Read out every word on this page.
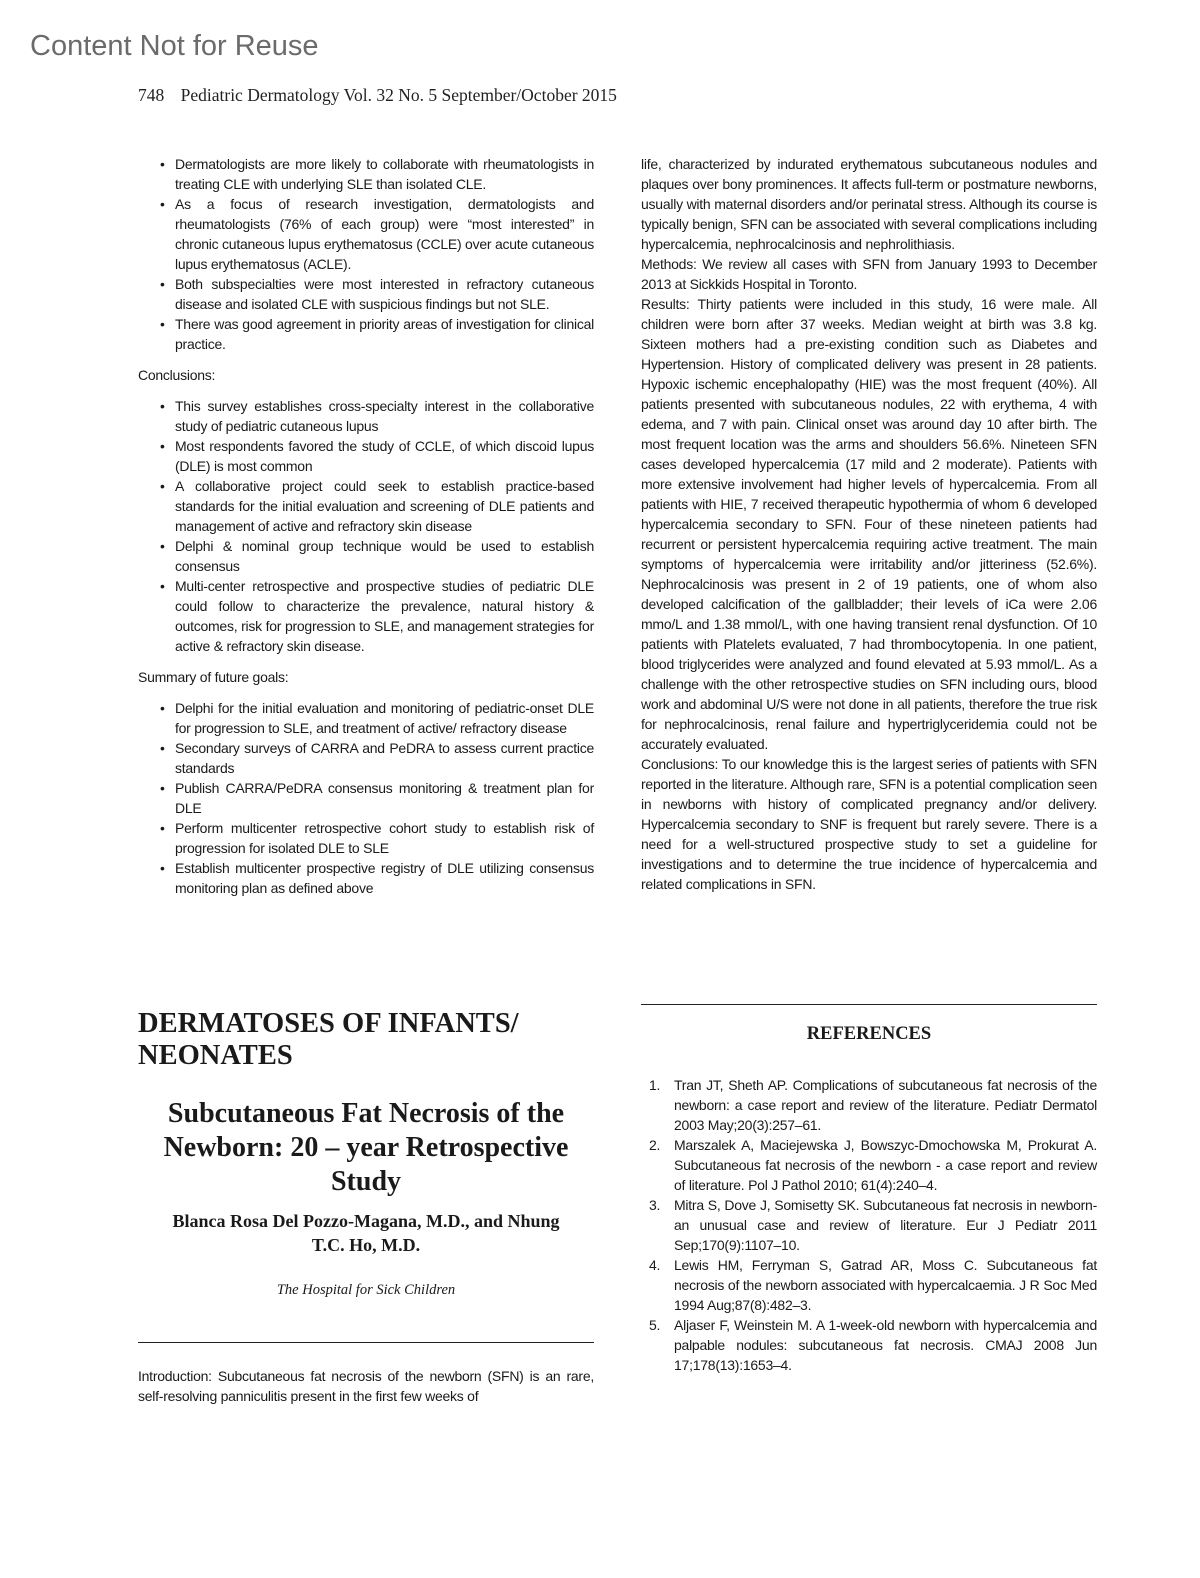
Content Not for Reuse
748 Pediatric Dermatology Vol. 32 No. 5 September/October 2015
• Dermatologists are more likely to collaborate with rheumatologists in treating CLE with underlying SLE than isolated CLE.
• As a focus of research investigation, dermatologists and rheumatologists (76% of each group) were “most interested” in chronic cutaneous lupus erythematosus (CCLE) over acute cutaneous lupus erythematosus (ACLE).
• Both subspecialties were most interested in refractory cutaneous disease and isolated CLE with suspicious findings but not SLE.
• There was good agreement in priority areas of investigation for clinical practice.

Conclusions:

• This survey establishes cross-specialty interest in the collaborative study of pediatric cutaneous lupus
• Most respondents favored the study of CCLE, of which discoid lupus (DLE) is most common
• A collaborative project could seek to establish practice-based standards for the initial evaluation and screening of DLE patients and management of active and refractory skin disease
• Delphi & nominal group technique would be used to establish consensus
• Multi-center retrospective and prospective studies of pediatric DLE could follow to characterize the prevalence, natural history & outcomes, risk for progression to SLE, and management strategies for active & refractory skin disease.

Summary of future goals:

• Delphi for the initial evaluation and monitoring of pediatric-onset DLE for progression to SLE, and treatment of active/ refractory disease
• Secondary surveys of CARRA and PeDRA to assess current practice standards
• Publish CARRA/PeDRA consensus monitoring & treatment plan for DLE
• Perform multicenter retrospective cohort study to establish risk of progression for isolated DLE to SLE
• Establish multicenter prospective registry of DLE utilizing consensus monitoring plan as defined above
DERMATOSES OF INFANTS/ NEONATES
Subcutaneous Fat Necrosis of the Newborn: 20 – year Retrospective Study
Blanca Rosa Del Pozzo-Magana, M.D., and Nhung T.C. Ho, M.D.
The Hospital for Sick Children

Introduction: Subcutaneous fat necrosis of the newborn (SFN) is an rare, self-resolving panniculitis present in the first few weeks of

life, characterized by indurated erythematous subcutaneous nodules and plaques over bony prominences. It affects full-term or postmature newborns, usually with maternal disorders and/or perinatal stress. Although its course is typically benign, SFN can be associated with several complications including hypercalcemia, nephrocalcinosis and nephrolithiasis.

Methods: We review all cases with SFN from January 1993 to December 2013 at Sickkids Hospital in Toronto.

Results: Thirty patients were included in this study, 16 were male. All children were born after 37 weeks. Median weight at birth was 3.8 kg. Sixteen mothers had a pre-existing condition such as Diabetes and Hypertension. History of complicated delivery was present in 28 patients. Hypoxic ischemic encephalopathy (HIE) was the most frequent (40%). All patients presented with subcutaneous nodules, 22 with erythema, 4 with edema, and 7 with pain. Clinical onset was around day 10 after birth. The most frequent location was the arms and shoulders 56.6%. Nineteen SFN cases developed hypercalcemia (17 mild and 2 moderate). Patients with more extensive involvement had higher levels of hypercalcemia. From all patients with HIE, 7 received therapeutic hypothermia of whom 6 developed hypercalcemia secondary to SFN. Four of these nineteen patients had recurrent or persistent hypercalcemia requiring active treatment. The main symptoms of hypercalcemia were irritability and/or jitteriness (52.6%). Nephrocalcinosis was present in 2 of 19 patients, one of whom also developed calcification of the gallbladder; their levels of iCa were 2.06 mmo/L and 1.38 mmol/L, with one having transient renal dysfunction. Of 10 patients with Platelets evaluated, 7 had thrombocytopenia. In one patient, blood triglycerides were analyzed and found elevated at 5.93 mmol/L. As a challenge with the other retrospective studies on SFN including ours, blood work and abdominal U/S were not done in all patients, therefore the true risk for nephrocalcinosis, renal failure and hypertriglyceridemia could not be accurately evaluated.

Conclusions: To our knowledge this is the largest series of patients with SFN reported in the literature. Although rare, SFN is a potential complication seen in newborns with history of complicated pregnancy and/or delivery. Hypercalcemia secondary to SNF is frequent but rarely severe. There is a need for a well-structured prospective study to set a guideline for investigations and to determine the true incidence of hypercalcemia and related complications in SFN.

REFERENCES
1. Tran JT, Sheth AP. Complications of subcutaneous fat necrosis of the newborn: a case report and review of the literature. Pediatr Dermatol 2003 May;20(3):257–61.
2. Marszalek A, Maciejewska J, Bowszyc-Dmochowska M, Prokurat A. Subcutaneous fat necrosis of the newborn - a case report and review of literature. Pol J Pathol 2010; 61(4):240–4.
3. Mitra S, Dove J, Somisetty SK. Subcutaneous fat necrosis in newborn-an unusual case and review of literature. Eur J Pediatr 2011 Sep;170(9):1107–10.
4. Lewis HM, Ferryman S, Gatrad AR, Moss C. Subcutaneous fat necrosis of the newborn associated with hypercalcaemia. J R Soc Med 1994 Aug;87(8):482–3.
5. Aljaser F, Weinstein M. A 1-week-old newborn with hypercalcemia and palpable nodules: subcutaneous fat necrosis. CMAJ 2008 Jun 17;178(13):1653–4.
